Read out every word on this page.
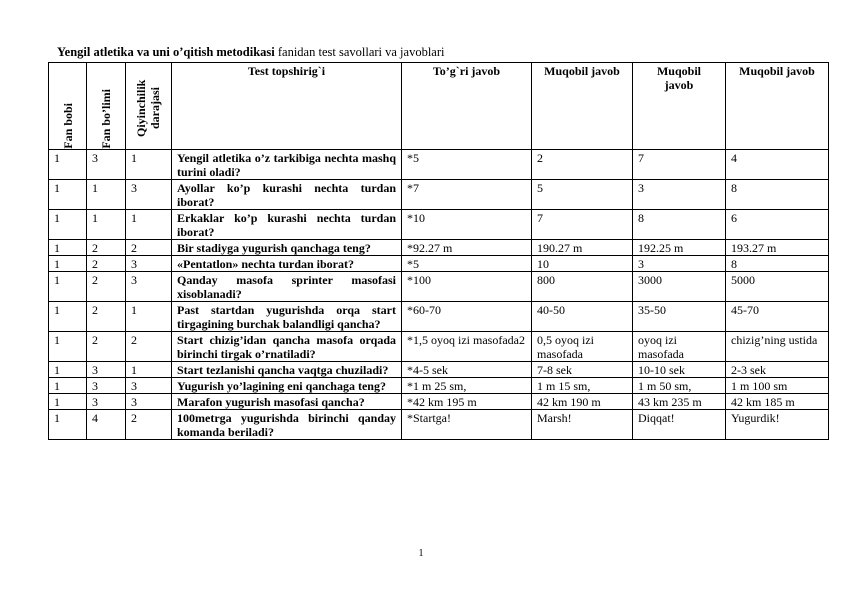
Yengil atletika va uni o’qitish metodikasi fanidan test savollari va javoblari
Fan bobi	Fan bo’limi	Qiyinchilik darajasi	Test topshirig`i	To’g`ri javob	Muqobil javob	Muqobil javob	Muqobil javob
1	3	1	Yengil atletika o’z tarkibiga nechta mashq turini oladi?	*5	2	7	4
1	1	3	Ayollar ko’p kurashi nechta turdan iborat?	*7	5	3	8
1	1	1	Erkaklar ko’p kurashi nechta turdan iborat?	*10	7	8	6
1	2	2	Bir stadiyga yugurish qanchaga teng?	*92.27 m	190.27 m	192.25 m	193.27 m
1	2	3	«Pentatlon» nechta turdan iborat?	*5	10	3	8
1	2	3	Qanday masofa sprinter masofasi xisoblanadi?	*100	800	3000	5000
1	2	1	Past startdan yugurishda orqa start tirgagining burchak balandligi qancha?	*60-70	40-50	35-50	45-70
1	2	2	Start chizig’idan qancha masofa orqada birinchi tirgak o’rnatiladi?	*1,5 oyoq izi masofada2	0,5 oyoq izi masofada	oyoq izi masofada	chizig’ning ustida
1	3	1	Start tezlanishi qancha vaqtga chuziladi?	*4-5 sek	7-8 sek	10-10 sek	2-3 sek
1	3	3	Yugurish yo’lagining eni qanchaga teng?	*1 m 25 sm,	1 m 15 sm,	1 m 50 sm,	1 m 100 sm
1	3	3	Marafon yugurish masofasi qancha?	*42 km 195 m	42 km 190 m	43 km 235 m	42 km 185 m
1	4	2	100metrga yugurishda birinchi qanday komanda beriladi?	*Startga!	Marsh!	Diqqat!	Yugurdik!
1
